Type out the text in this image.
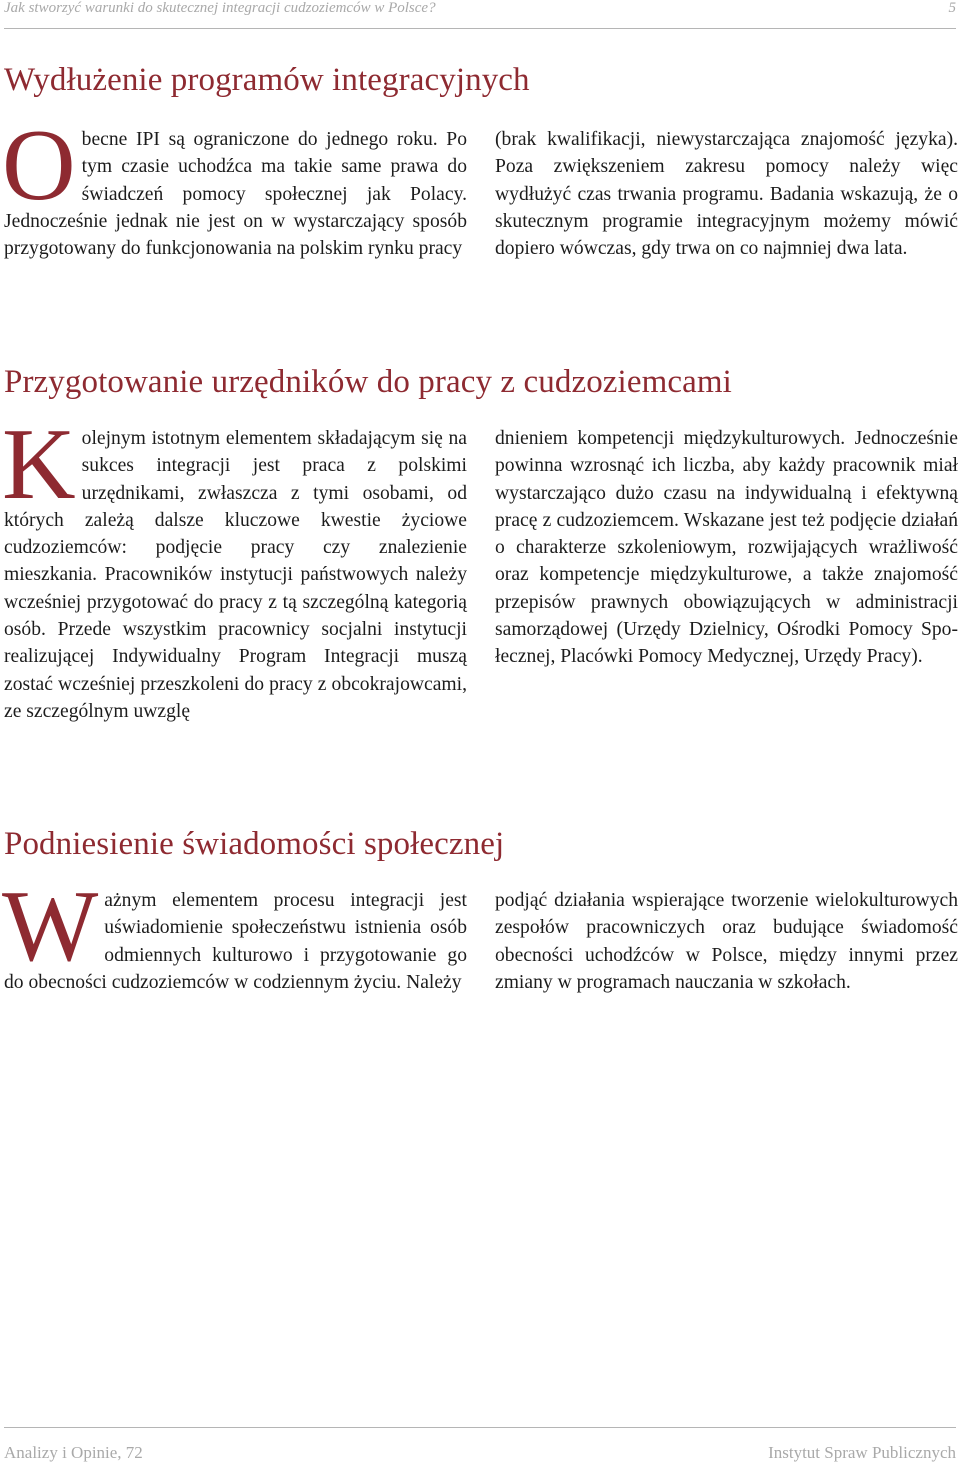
Jak stworzyć warunki do skutecznej integracji cudzoziemców w Polsce?	5
Wydłużenie programów integracyjnych

O becne IPI są ograniczone do jednego roku. Po tym czasie uchodźca ma takie same prawa do świadczeń pomocy społecznej jak Polacy. Jednocześnie jednak nie jest on w wystarczający sposób przygotowany do funkcjonowania na polskim rynku pracy

(brak kwalifikacji, niewystarczająca znajomość języka). Poza zwiększeniem zakresu pomocy należy więc wydłużyć czas trwania programu. Badania wskazują, że o skutecznym programie integracyjnym możemy mówić dopiero wówczas, gdy trwa on co najmniej dwa lata.

Przygotowanie urzędników do pracy z cudzoziemcami

K olejnym istotnym elementem składającym się na sukces integracji jest praca z polskimi urzędnikami, zwłaszcza z tymi osobami, od których zależą dalsze kluczowe kwestie życiowe cudzoziemców: podjęcie pracy czy znalezienie mieszkania. Pracowników instytucji państwowych należy wcześniej przygotować do pracy z tą szczególną kategorią osób. Przede wszystkim pracownicy socjalni instytucji realizującej Indywidualny Program Integracji muszą zostać wcześniej przeszkoleni do pracy z obcokrajowcami, ze szczególnym uwzglę

dnieniem kompetencji międzykulturowych. Jednocześnie powinna wzrosnąć ich liczba, aby każdy pracownik miał wystarczająco dużo czasu na indywidualną i efektywną pracę z cudzoziemcem. Wskazane jest też podjęcie działań o charakterze szkoleniowym, rozwijających wrażliwość oraz kompetencje międzykulturowe, a także znajomość przepisów prawnych obowiązujących w administracji samorządowej (Urzędy Dzielnicy, Ośrodki Pomocy Społecznej, Placówki Pomocy Medycznej, Urzędy Pracy).

Podniesienie świadomości społecznej

W ażnym elementem procesu integracji jest uświadomienie społeczeństwu istnienia osób odmiennych kulturowo i przygotowanie go do obecności cudzoziemców w codziennym życiu. Należy

podjąć działania wspierające tworzenie wielokulturowych zespołów pracowniczych oraz budujące świadomość obecności uchodźców w Polsce, między innymi przez zmiany w programach nauczania w szkołach.

Analizy i Opinie, 72	Instytut Spraw Publicznych
